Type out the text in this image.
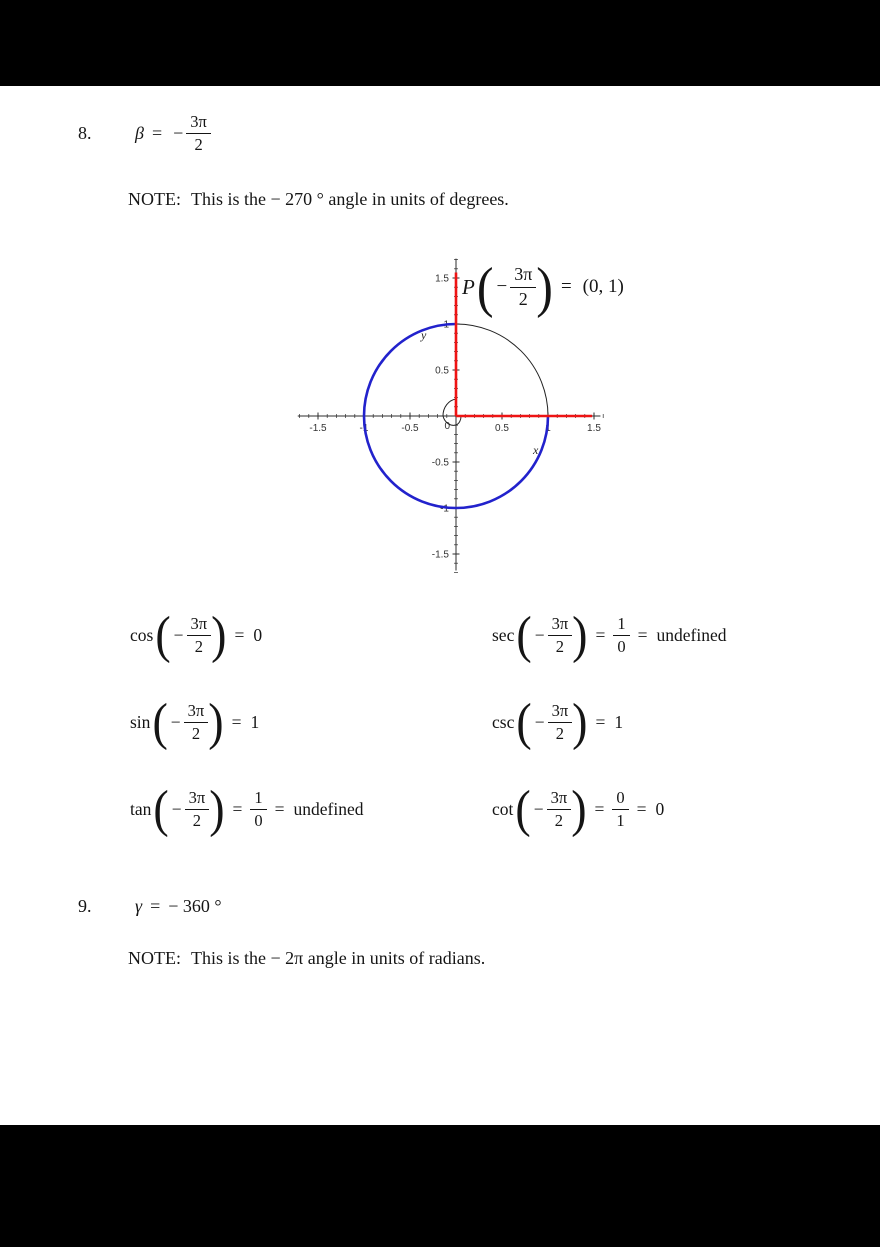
8.	β = − $\frac{3\pi}{2}$
NOTE: This is the − 270 ° angle in units of degrees.
-1.5	-1	-0.5	0.5	1	1.5
1.5
1
0.5
-0.5
-1
-1.5
0
y
x
P ( − $\frac{3\pi}{2}$ ) = (0, 1)
cos ( − $\frac{3\pi}{2}$ ) = 0	sec ( − $\frac{3\pi}{2}$ ) = $\frac{1}{0}$ = undefined
sin ( − $\frac{3\pi}{2}$ ) = 1	csc ( − $\frac{3\pi}{2}$ ) = 1
tan ( − $\frac{3\pi}{2}$ ) = $\frac{1}{0}$ = undefined	cot ( − $\frac{3\pi}{2}$ ) = $\frac{0}{1} = 0$
9.	γ = − 360 °
NOTE: This is the − 2π angle in units of radians.
